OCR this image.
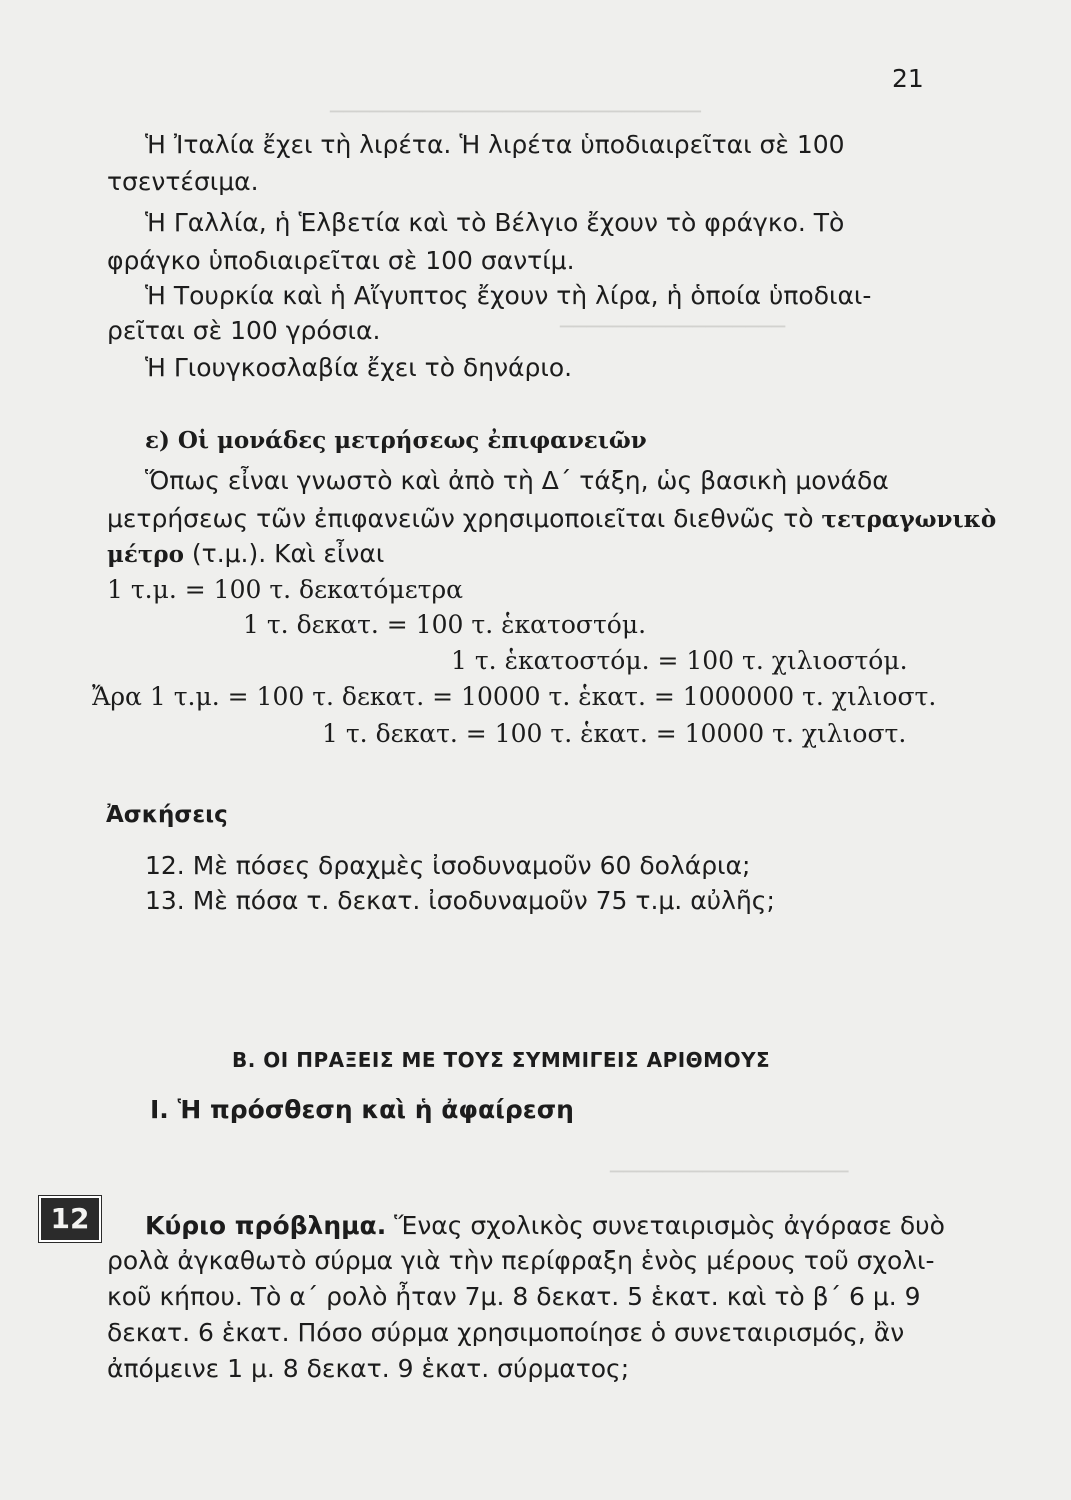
────────────────────────────
─────────────────
──────────────────
21
Ἡ Ἰταλία ἔχει τὴ λιρέτα. Ἡ λιρέτα ὑποδιαιρεῖται σὲ 100
τσεντέσιμα.
Ἡ Γαλλία, ἡ Ἑλβετία καὶ τὸ Βέλγιο ἔχουν τὸ φράγκο. Τὸ
φράγκο ὑποδιαιρεῖται σὲ 100 σαντίμ.
Ἡ Τουρκία καὶ ἡ Αἴγυπτος ἔχουν τὴ λίρα, ἡ ὁποία ὑποδιαι-
ρεῖται σὲ 100 γρόσια.
Ἡ Γιουγκοσλαβία ἔχει τὸ δηνάριο.
ε) Οἱ μονάδες μετρήσεως ἐπιφανειῶν
Ὅπως εἶναι γνωστὸ καὶ ἀπὸ τὴ Δ΄ τάξη, ὡς βασικὴ μονάδα
μετρήσεως τῶν ἐπιφανειῶν χρησιμοποιεῖται διεθνῶς τὸ τετραγωνικὸ
μέτρο (τ.μ.). Καὶ εἶναι
1 τ.μ. = 100 τ. δεκατόμετρα
1 τ. δεκατ. = 100 τ. ἑκατοστόμ.
1 τ. ἑκατοστόμ. = 100 τ. χιλιοστόμ.
Ἄρα 1 τ.μ. = 100 τ. δεκατ. = 10000 τ. ἑκατ. = 1000000 τ. χιλιοστ.
1 τ. δεκατ. = 100 τ. ἑκατ. = 10000 τ. χιλιοστ.
Ἀσκήσεις
12. Μὲ πόσες δραχμὲς ἰσοδυναμοῦν 60 δολάρια;
13. Μὲ πόσα τ. δεκατ. ἰσοδυναμοῦν 75 τ.μ. αὐλῆς;
Β. ΟΙ ΠΡΑΞΕΙΣ ΜΕ ΤΟΥΣ ΣΥΜΜΙΓΕΙΣ ΑΡΙΘΜΟΥΣ
Ι. Ἡ πρόσθεση καὶ ἡ ἀφαίρεση
12	Κύριο πρόβλημα. Ἕνας σχολικὸς συνεταιρισμὸς ἀγόρασε δυὸ
ρολὰ ἀγκαθωτὸ σύρμα γιὰ τὴν περίφραξη ἑνὸς μέρους τοῦ σχολι-
κοῦ κήπου. Τὸ α΄ ρολὸ ἦταν 7μ. 8 δεκατ. 5 ἑκατ. καὶ τὸ β΄ 6 μ. 9
δεκατ. 6 ἑκατ. Πόσο σύρμα χρησιμοποίησε ὁ συνεταιρισμός, ἂν
ἀπόμεινε 1 μ. 8 δεκατ. 9 ἑκατ. σύρματος;
